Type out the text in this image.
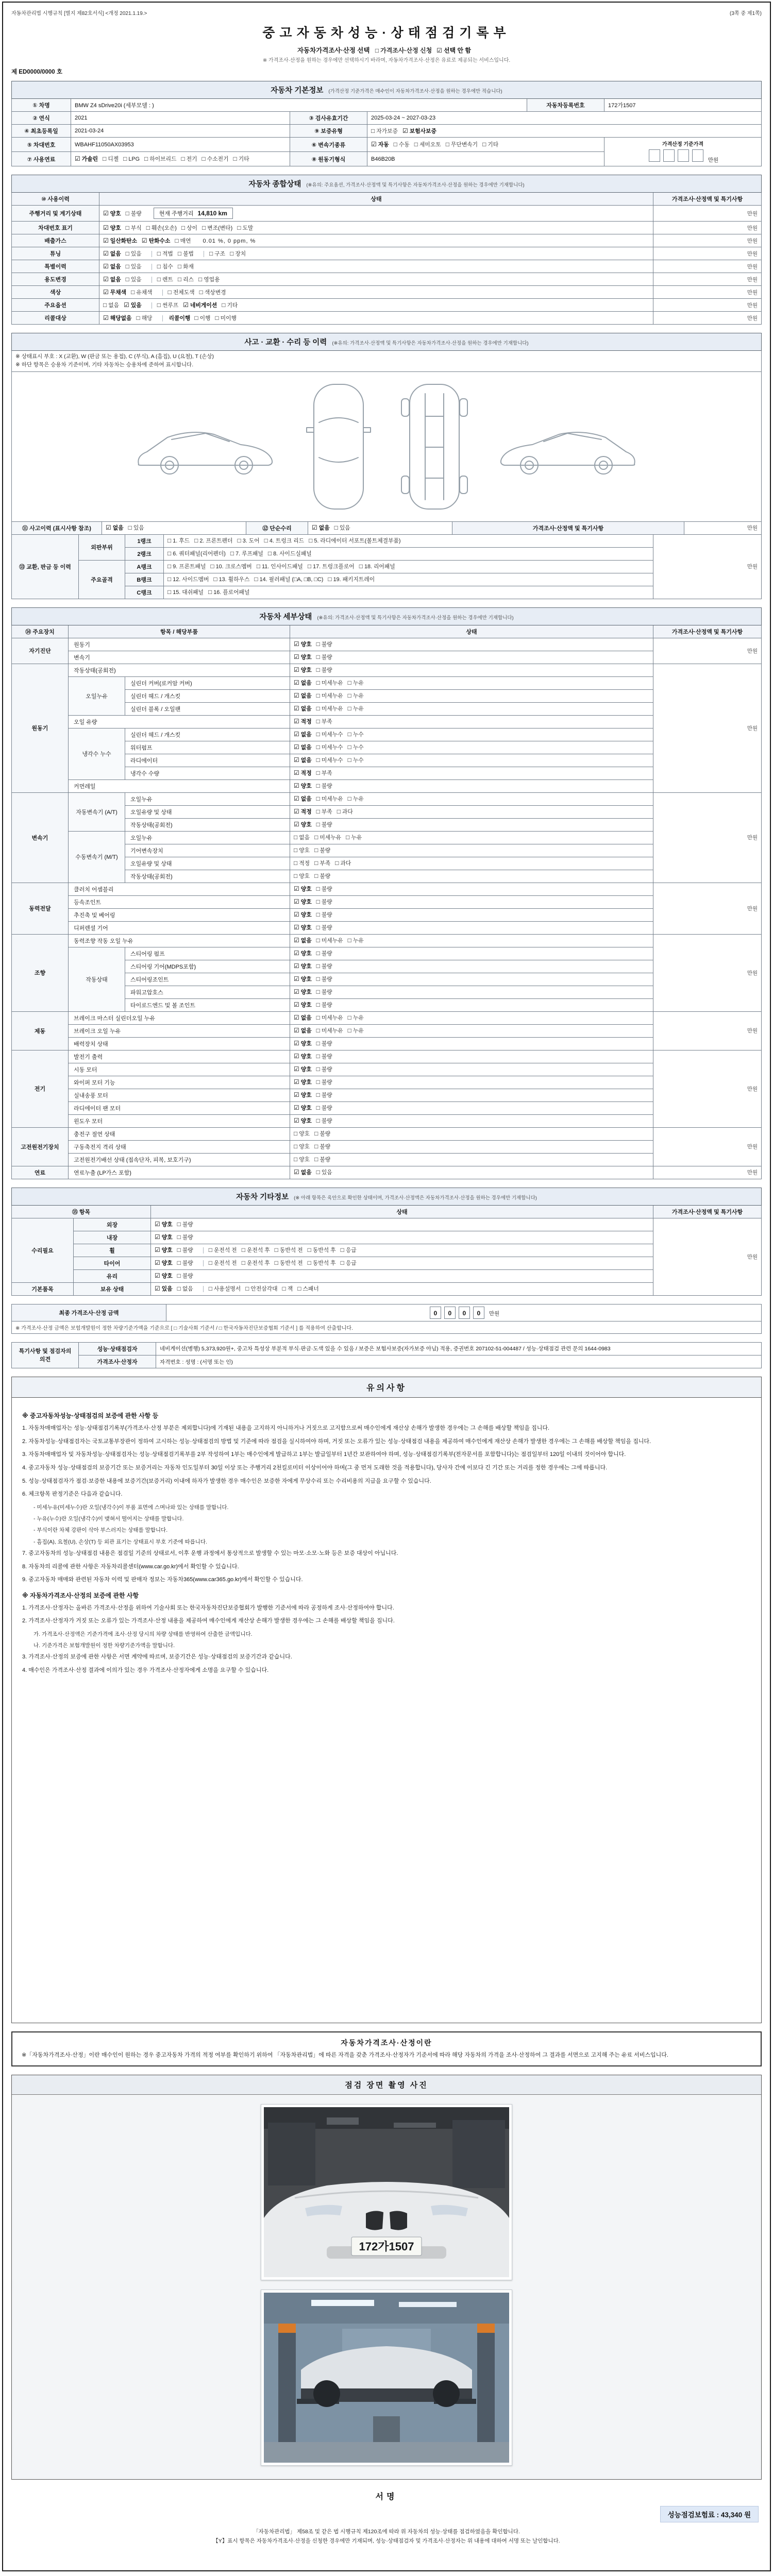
자동차관리법 시행규칙 [별지 제82호서식] <개정 2021.1.19.>	(3쪽 중 제1쪽)
중고자동차성능·상태점검기록부
자동차가격조사·산정 선택 □ 가격조사·산정 신청 ☑ 선택 안 함
※ 가격조사·산정을 원하는 경우에만 선택하시기 바라며, 자동차가격조사·산정은 유료로 제공되는 서비스입니다.
제 ED0000/0000 호
자동차 기본정보 (가격산정 기준가격은 매수인이 자동차가격조사·산정을 원하는 경우에만 적습니다)					
① 차명	BMW Z4 sDrive20i (세부모델 : )			자동차등록번호	172가1507
② 연식	2021	③ 검사유효기간	2025-03-24 ~ 2027-03-23		
④ 최초등록일	2021-03-24	⑨ 보증유형	□ 자가보증 ☑ 보험사보증		
⑤ 차대번호	WBAHF11050AX03953	⑥ 변속기종류	☑ 자동 □ 수동 □ 세미오토 □ 무단변속기 □ 기타		가격산정 기준가격
만원

⑦ 사용연료	☑ 가솔린 □ 디젤 □ LPG □ 하이브리드 □ 전기 □ 수소전기 □ 기타	⑧ 원동기형식	B46B20B		
자동차 종합상태 (※유의: 주요옵션, 가격조사·산정액 및 특기사항은 자동차가격조사·산정을 원하는 경우에만 기재합니다)		
⑩ 사용이력	상태	가격조사·산정액 및 특기사항
주행거리 및 계기상태	☑ 양호 □ 불량 현재 주행거리 14,810 km	만원
차대번호 표기	☑ 양호 □ 부식 □ 훼손(오손) □ 상이 □ 변조(변타) □ 도말	만원
배출가스	☑ 일산화탄소 ☑ 탄화수소 □ 매연 0.01 %, 0 ppm, %	만원
튜닝	☑ 없음 □ 있음 □ 적법 □ 불법 □ 구조 □ 장치	만원
특별이력	☑ 없음 □ 있음 □ 침수 □ 화재	만원
용도변경	☑ 없음 □ 있음 □ 렌트 □ 리스 □ 영업용	만원
색상	☑ 무채색 □ 유채색 □ 전체도색 □ 색상변경	만원
주요옵션	□ 없음 ☑ 있음 □ 썬루프 ☑ 네비게이션 □ 기타	만원
리콜대상	☑ 해당없음 □ 해당 리콜이행 □ 이행 □ 미이행	만원
사고 · 교환 · 수리 등 이력 (※유의: 가격조사·산정액 및 특기사항은 자동차가격조사·산정을 원하는 경우에만 기재합니다)

※ 상태표시 부호 : X (교환), W (판금 또는 용접), C (부식), A (흠집), U (요철), T (손상)
※ 하단 항목은 승용차 기준이며, 기타 자동차는 승용차에 준하여 표시합니다.

⑪ 사고이력 (표시사항 참조)	☑ 없음 □ 있음	⑫ 단순수리	☑ 없음 □ 있음	가격조사·산정액 및 특기사항	만원
⑬ 교환, 판금 등 이력	외판부위	1랭크	□ 1. 후드 □ 2. 프론트펜더 □ 3. 도어 □ 4. 트렁크 리드 □ 5. 라디에이터 서포트(볼트체결부품)	만원
		2랭크	□ 6. 쿼터패널(리어펜더) □ 7. 루프패널 □ 8. 사이드실패널	
	주요골격	A랭크	□ 9. 프론트패널 □ 10. 크로스멤버 □ 11. 인사이드패널 □ 17. 트렁크플로어 □ 18. 리어패널	
		B랭크	□ 12. 사이드멤버 □ 13. 휠하우스 □ 14. 필러패널 (□A, □B, □C) □ 19. 패키지트레이	
		C랭크	□ 15. 대쉬패널 □ 16. 플로어패널	
자동차 세부상태 (※유의: 가격조사·산정액 및 특기사항은 자동차가격조사·산정을 원하는 경우에만 기재합니다)				
⑭ 주요장치	항목 / 해당부품		상태	가격조사·산정액 및 특기사항
자기진단	원동기		☑ 양호 □ 불량	만원
	변속기		☑ 양호 □ 불량	
원동기	작동상태(공회전)		☑ 양호 □ 불량	만원
	오일누유	실린더 커버(로커암 커버)	☑ 없음 □ 미세누유 □ 누유	
		실린더 헤드 / 개스킷	☑ 없음 □ 미세누유 □ 누유	
		실린더 블록 / 오일팬	☑ 없음 □ 미세누유 □ 누유	
	오일 유량		☑ 적정 □ 부족	
	냉각수 누수	실린더 헤드 / 개스킷	☑ 없음 □ 미세누수 □ 누수	
		워터펌프	☑ 없음 □ 미세누수 □ 누수	
		라디에이터	☑ 없음 □ 미세누수 □ 누수	
		냉각수 수량	☑ 적정 □ 부족	
	커먼레일		☑ 양호 □ 불량	
변속기	자동변속기 (A/T)	오일누유	☑ 없음 □ 미세누유 □ 누유	만원
		오일유량 및 상태	☑ 적정 □ 부족 □ 과다	
		작동상태(공회전)	☑ 양호 □ 불량	
	수동변속기 (M/T)	오일누유	□ 없음 □ 미세누유 □ 누유	
		기어변속장치	□ 양호 □ 불량	
		오일유량 및 상태	□ 적정 □ 부족 □ 과다	
		작동상태(공회전)	□ 양호 □ 불량	
동력전달	클러치 어셈블리		☑ 양호 □ 불량	만원
	등속조인트		☑ 양호 □ 불량	
	추진축 및 베어링		☑ 양호 □ 불량	
	디퍼렌셜 기어		☑ 양호 □ 불량	
조향	동력조향 작동 오일 누유		☑ 없음 □ 미세누유 □ 누유	만원
	작동상태	스티어링 펌프	☑ 양호 □ 불량	
		스티어링 기어(MDPS포함)	☑ 양호 □ 불량	
		스티어링조인트	☑ 양호 □ 불량	
		파워고압호스	☑ 양호 □ 불량	
		타이로드엔드 및 볼 조인트	☑ 양호 □ 불량	
제동	브레이크 마스터 실린더오일 누유		☑ 없음 □ 미세누유 □ 누유	만원
	브레이크 오일 누유		☑ 없음 □ 미세누유 □ 누유	
	배력장치 상태		☑ 양호 □ 불량	
전기	발전기 출력		☑ 양호 □ 불량	만원
	시동 모터		☑ 양호 □ 불량	
	와이퍼 모터 기능		☑ 양호 □ 불량	
	실내송풍 모터		☑ 양호 □ 불량	
	라디에이터 팬 모터		☑ 양호 □ 불량	
	윈도우 모터		☑ 양호 □ 불량	
고전원전기장치	충전구 절연 상태		□ 양호 □ 불량	만원
	구동축전지 격리 상태		□ 양호 □ 불량	
	고전원전기배선 상태 (접속단자, 피복, 보호기구)		□ 양호 □ 불량	
연료	연료누출 (LP가스 포함)		☑ 없음 □ 있음	만원
자동차 기타정보 (※ 아래 항목은 육안으로 확인한 상태이며, 가격조사·산정액은 자동차가격조사·산정을 원하는 경우에만 기재합니다)			
⑮ 항목		상태	가격조사·산정액 및 특기사항
수리필요	외장	☑ 양호 □ 불량	만원
	내장	☑ 양호 □ 불량	
	휠	☑ 양호 □ 불량 □ 운전석 전 □ 운전석 후 □ 동반석 전 □ 동반석 후 □ 응급	
	타이어	☑ 양호 □ 불량 □ 운전석 전 □ 운전석 후 □ 동반석 전 □ 동반석 후 □ 응급	
	유리	☑ 양호 □ 불량	
기본품목	보유 상태	☑ 있음 □ 없음 □ 사용설명서 □ 안전삼각대 □ 잭 □ 스패너	
최종 가격조사·산정 금액	0 0 0 0 만원
※ 가격조사·산정 금액은 보험개발원이 정한 차량기준가액을 기준으로 [ □ 기술사회 기준서 / □ 한국자동차진단보증협회 기준서 ] 를 적용하여 산출합니다.
특기사항 및 점검자의 의견	성능·상태점검자	네비게이션(병행) 5,373,920원+, 중고차 특성상 부분적 부식·판금·도색 있을 수 있음 / 보증은 보험사보증(자가보증 아님) 적용, 증권번호 207102-51-004487 / 성능·상태점검 관련 문의 1644-0983
	가격조사·산정자	자격번호 : 성명 : (서명 또는 인)
유의사항
※ 중고자동차성능·상태점검의 보증에 관한 사항 등
1. 자동차매매업자는 성능·상태점검기록부(가격조사·산정 부분은 제외합니다)에 기재된 내용을 고지하지 아니하거나 거짓으로 고지함으로써 매수인에게 재산상 손해가 발생한 경우에는 그 손해를 배상할 책임을 집니다.
2. 자동차성능·상태점검자는 국토교통부장관이 정하여 고시하는 성능·상태점검의 방법 및 기준에 따라 점검을 실시하여야 하며, 거짓 또는 오류가 있는 성능·상태점검 내용을 제공하여 매수인에게 재산상 손해가 발생한 경우에는 그 손해를 배상할 책임을 집니다.
3. 자동차매매업자 및 자동차성능·상태점검자는 성능·상태점검기록부를 2부 작성하여 1부는 매수인에게 발급하고 1부는 발급일부터 1년간 보관하여야 하며, 성능·상태점검기록부(전자문서를 포함합니다)는 점검일부터 120일 이내의 것이어야 합니다.
4. 중고자동차 성능·상태점검의 보증기간 또는 보증거리는 자동차 인도일부터 30일 이상 또는 주행거리 2천킬로미터 이상이어야 하며(그 중 먼저 도래한 것을 적용합니다), 당사자 간에 이보다 긴 기간 또는 거리를 정한 경우에는 그에 따릅니다.
5. 성능·상태점검자가 점검·보증한 내용에 보증기간(보증거리) 이내에 하자가 발생한 경우 매수인은 보증한 자에게 무상수리 또는 수리비용의 지급을 요구할 수 있습니다.
6. 체크항목 판정기준은 다음과 같습니다.
- 미세누유(미세누수)란 오일(냉각수)이 부품 표면에 스며나와 있는 상태를 말합니다.
- 누유(누수)란 오일(냉각수)이 맺혀서 떨어지는 상태를 말합니다.
- 부식이란 차체 강판이 삭아 부스러지는 상태를 말합니다.
- 흠집(A), 요철(U), 손상(T) 등 외관 표기는 상태표시 부호 기준에 따릅니다.
7. 중고자동차의 성능·상태점검 내용은 점검일 기준의 상태로서, 이후 운행 과정에서 통상적으로 발생할 수 있는 마모·소모·노화 등은 보증 대상이 아닙니다.
8. 자동차의 리콜에 관한 사항은 자동차리콜센터(www.car.go.kr)에서 확인할 수 있습니다.
9. 중고자동차 매매와 관련된 자동차 이력 및 판매자 정보는 자동차365(www.car365.go.kr)에서 확인할 수 있습니다.
※ 자동차가격조사·산정의 보증에 관한 사항
1. 가격조사·산정자는 올바른 가격조사·산정을 위하여 기술사회 또는 한국자동차진단보증협회가 발행한 기준서에 따라 공정하게 조사·산정하여야 합니다.
2. 가격조사·산정자가 거짓 또는 오류가 있는 가격조사·산정 내용을 제공하여 매수인에게 재산상 손해가 발생한 경우에는 그 손해를 배상할 책임을 집니다.
가. 가격조사·산정액은 기준가격에 조사·산정 당시의 차량 상태를 반영하여 산출한 금액입니다.
나. 기준가격은 보험개발원이 정한 차량기준가액을 말합니다.
3. 가격조사·산정의 보증에 관한 사항은 서면 계약에 따르며, 보증기간은 성능·상태점검의 보증기간과 같습니다.
4. 매수인은 가격조사·산정 결과에 이의가 있는 경우 가격조사·산정자에게 소명을 요구할 수 있습니다.
자동차가격조사·산정이란
※「자동차가격조사·산정」이란 매수인이 원하는 경우 중고자동차 가격의 적정 여부를 확인하기 위하여 「자동차관리법」에 따른 자격을 갖춘 가격조사·산정자가 기준서에 따라 해당 자동차의 가격을 조사·산정하여 그 결과를 서면으로 고지해 주는 유료 서비스입니다.
점검 장면 촬영 사진
172가1507
서명
성능점검보험료 : 43,340 원
「자동차관리법」 제58조 및 같은 법 시행규칙 제120조에 따라 위 자동차의 성능·상태를 점검하였음을 확인합니다.
【Y】표시 항목은 자동차가격조사·산정을 신청한 경우에만 기재되며, 성능·상태점검자 및 가격조사·산정자는 위 내용에 대하여 서명 또는 날인합니다.
